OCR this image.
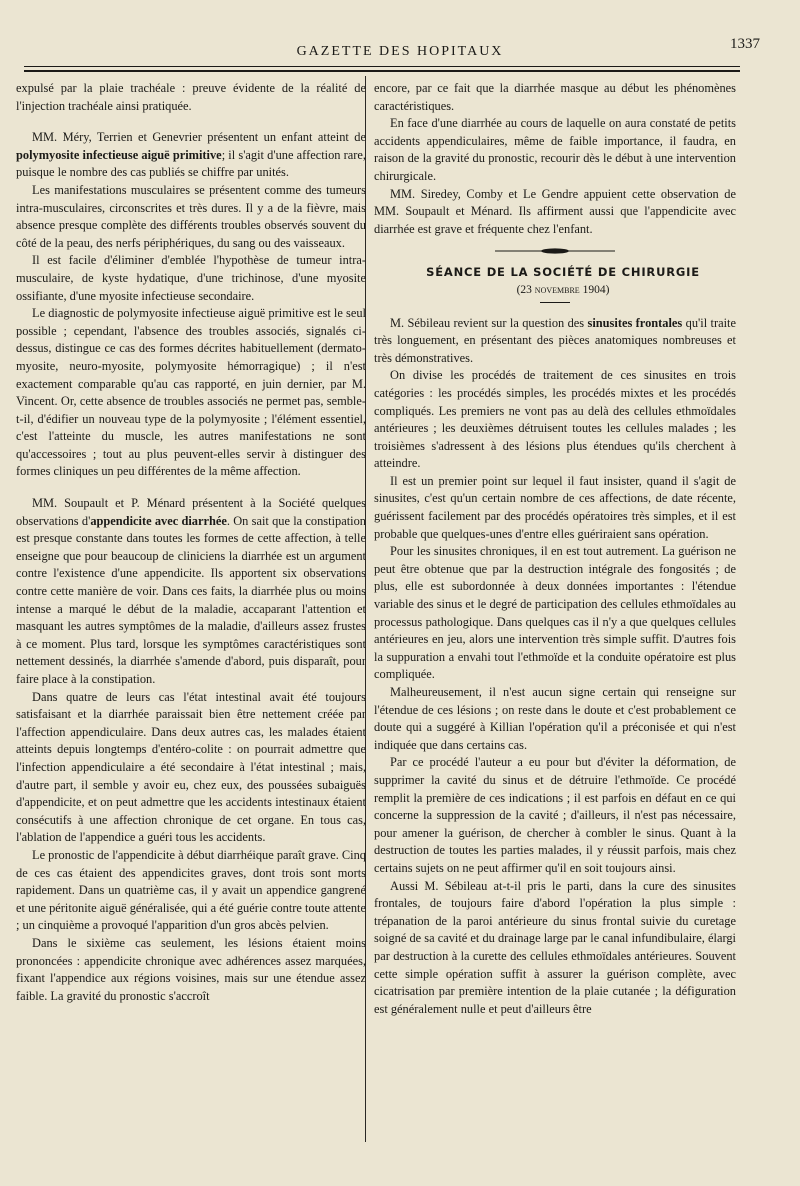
GAZETTE DES HOPITAUX	1337

expulsé par la plaie trachéale : preuve évidente de la réalité de l'injection trachéale ainsi pratiquée.

MM. Méry, Terrien et Genevrier présentent un enfant atteint de polymyosite infectieuse aiguë primitive; il s'agit d'une affection rare, puisque le nombre des cas publiés se chiffre par unités.

Les manifestations musculaires se présentent comme des tumeurs intra-musculaires, circonscrites et très dures. Il y a de la fièvre, mais absence presque complète des différents troubles observés souvent du côté de la peau, des nerfs périphériques, du sang ou des vaisseaux.

Il est facile d'éliminer d'emblée l'hypothèse de tumeur intra-musculaire, de kyste hydatique, d'une trichinose, d'une myosite ossifiante, d'une myosite infectieuse secondaire.

Le diagnostic de polymyosite infectieuse aiguë primitive est le seul possible ; cependant, l'absence des troubles associés, signalés ci-dessus, distingue ce cas des formes décrites habituellement (dermato-myosite, neuro-myosite, polymyosite hémorragique) ; il n'est exactement comparable qu'au cas rapporté, en juin dernier, par M. Vincent. Or, cette absence de troubles associés ne permet pas, semble-t-il, d'édifier un nouveau type de la polymyosite ; l'élément essentiel, c'est l'atteinte du muscle, les autres manifestations ne sont qu'accessoires ; tout au plus peuvent-elles servir à distinguer des formes cliniques un peu différentes de la même affection.

MM. Soupault et P. Ménard présentent à la Société quelques observations d'appendicite avec diarrhée. On sait que la constipation est presque constante dans toutes les formes de cette affection, à telle enseigne que pour beaucoup de cliniciens la diarrhée est un argument contre l'existence d'une appendicite. Ils apportent six observations contre cette manière de voir. Dans ces faits, la diarrhée plus ou moins intense a marqué le début de la maladie, accaparant l'attention et masquant les autres symptômes de la maladie, d'ailleurs assez frustes à ce moment. Plus tard, lorsque les symptômes caractéristiques sont nettement dessinés, la diarrhée s'amende d'abord, puis disparaît, pour faire place à la constipation.

Dans quatre de leurs cas l'état intestinal avait été toujours satisfaisant et la diarrhée paraissait bien être nettement créée par l'affection appendiculaire. Dans deux autres cas, les malades étaient atteints depuis longtemps d'entéro-colite : on pourrait admettre que l'infection appendiculaire a été secondaire à l'état intestinal ; mais, d'autre part, il semble y avoir eu, chez eux, des poussées subaiguës d'appendicite, et on peut admettre que les accidents intestinaux étaient consécutifs à une affection chronique de cet organe. En tous cas, l'ablation de l'appendice a guéri tous les accidents.

Le pronostic de l'appendicite à début diarrhéique paraît grave. Cinq de ces cas étaient des appendicites graves, dont trois sont morts rapidement. Dans un quatrième cas, il y avait un appendice gangrené et une péritonite aiguë généralisée, qui a été guérie contre toute attente ; un cinquième a provoqué l'apparition d'un gros abcès pelvien.

Dans le sixième cas seulement, les lésions étaient moins prononcées : appendicite chronique avec adhérences assez marquées, fixant l'appendice aux régions voisines, mais sur une étendue assez faible. La gravité du pronostic s'accroît

encore, par ce fait que la diarrhée masque au début les phénomènes caractéristiques.

En face d'une diarrhée au cours de laquelle on aura constaté de petits accidents appendiculaires, même de faible importance, il faudra, en raison de la gravité du pronostic, recourir dès le début à une intervention chirurgicale.

MM. Siredey, Comby et Le Gendre appuient cette observation de MM. Soupault et Ménard. Ils affirment aussi que l'appendicite avec diarrhée est grave et fréquente chez l'enfant.

SÉANCE DE LA SOCIÉTÉ DE CHIRURGIE

(23 novembre 1904)

M. Sébileau revient sur la question des sinusites frontales qu'il traite très longuement, en présentant des pièces anatomiques nombreuses et très démonstratives.

On divise les procédés de traitement de ces sinusites en trois catégories : les procédés simples, les procédés mixtes et les procédés compliqués. Les premiers ne vont pas au delà des cellules ethmoïdales antérieures ; les deuxièmes détruisent toutes les cellules malades ; les troisièmes s'adressent à des lésions plus étendues qu'ils cherchent à atteindre.

Il est un premier point sur lequel il faut insister, quand il s'agit de sinusites, c'est qu'un certain nombre de ces affections, de date récente, guérissent facilement par des procédés opératoires très simples, et il est probable que quelques-unes d'entre elles guériraient sans opération.

Pour les sinusites chroniques, il en est tout autrement. La guérison ne peut être obtenue que par la destruction intégrale des fongosités ; de plus, elle est subordonnée à deux données importantes : l'étendue variable des sinus et le degré de participation des cellules ethmoïdales au processus pathologique. Dans quelques cas il n'y a que quelques cellules antérieures en jeu, alors une intervention très simple suffit. D'autres fois la suppuration a envahi tout l'ethmoïde et la conduite opératoire est plus compliquée.

Malheureusement, il n'est aucun signe certain qui renseigne sur l'étendue de ces lésions ; on reste dans le doute et c'est probablement ce doute qui a suggéré à Killian l'opération qu'il a préconisée et qui n'est indiquée que dans certains cas.

Par ce procédé l'auteur a eu pour but d'éviter la déformation, de supprimer la cavité du sinus et de détruire l'ethmoïde. Ce procédé remplit la première de ces indications ; il est parfois en défaut en ce qui concerne la suppression de la cavité ; d'ailleurs, il n'est pas nécessaire, pour amener la guérison, de chercher à combler le sinus. Quant à la destruction de toutes les parties malades, il y réussit parfois, mais chez certains sujets on ne peut affirmer qu'il en soit toujours ainsi.

Aussi M. Sébileau at-t-il pris le parti, dans la cure des sinusites frontales, de toujours faire d'abord l'opération la plus simple : trépanation de la paroi antérieure du sinus frontal suivie du curetage soigné de sa cavité et du drainage large par le canal infundibulaire, élargi par destruction à la curette des cellules ethmoïdales antérieures. Souvent cette simple opération suffit à assurer la guérison complète, avec cicatrisation par première intention de la plaie cutanée ; la défiguration est généralement nulle et peut d'ailleurs être
